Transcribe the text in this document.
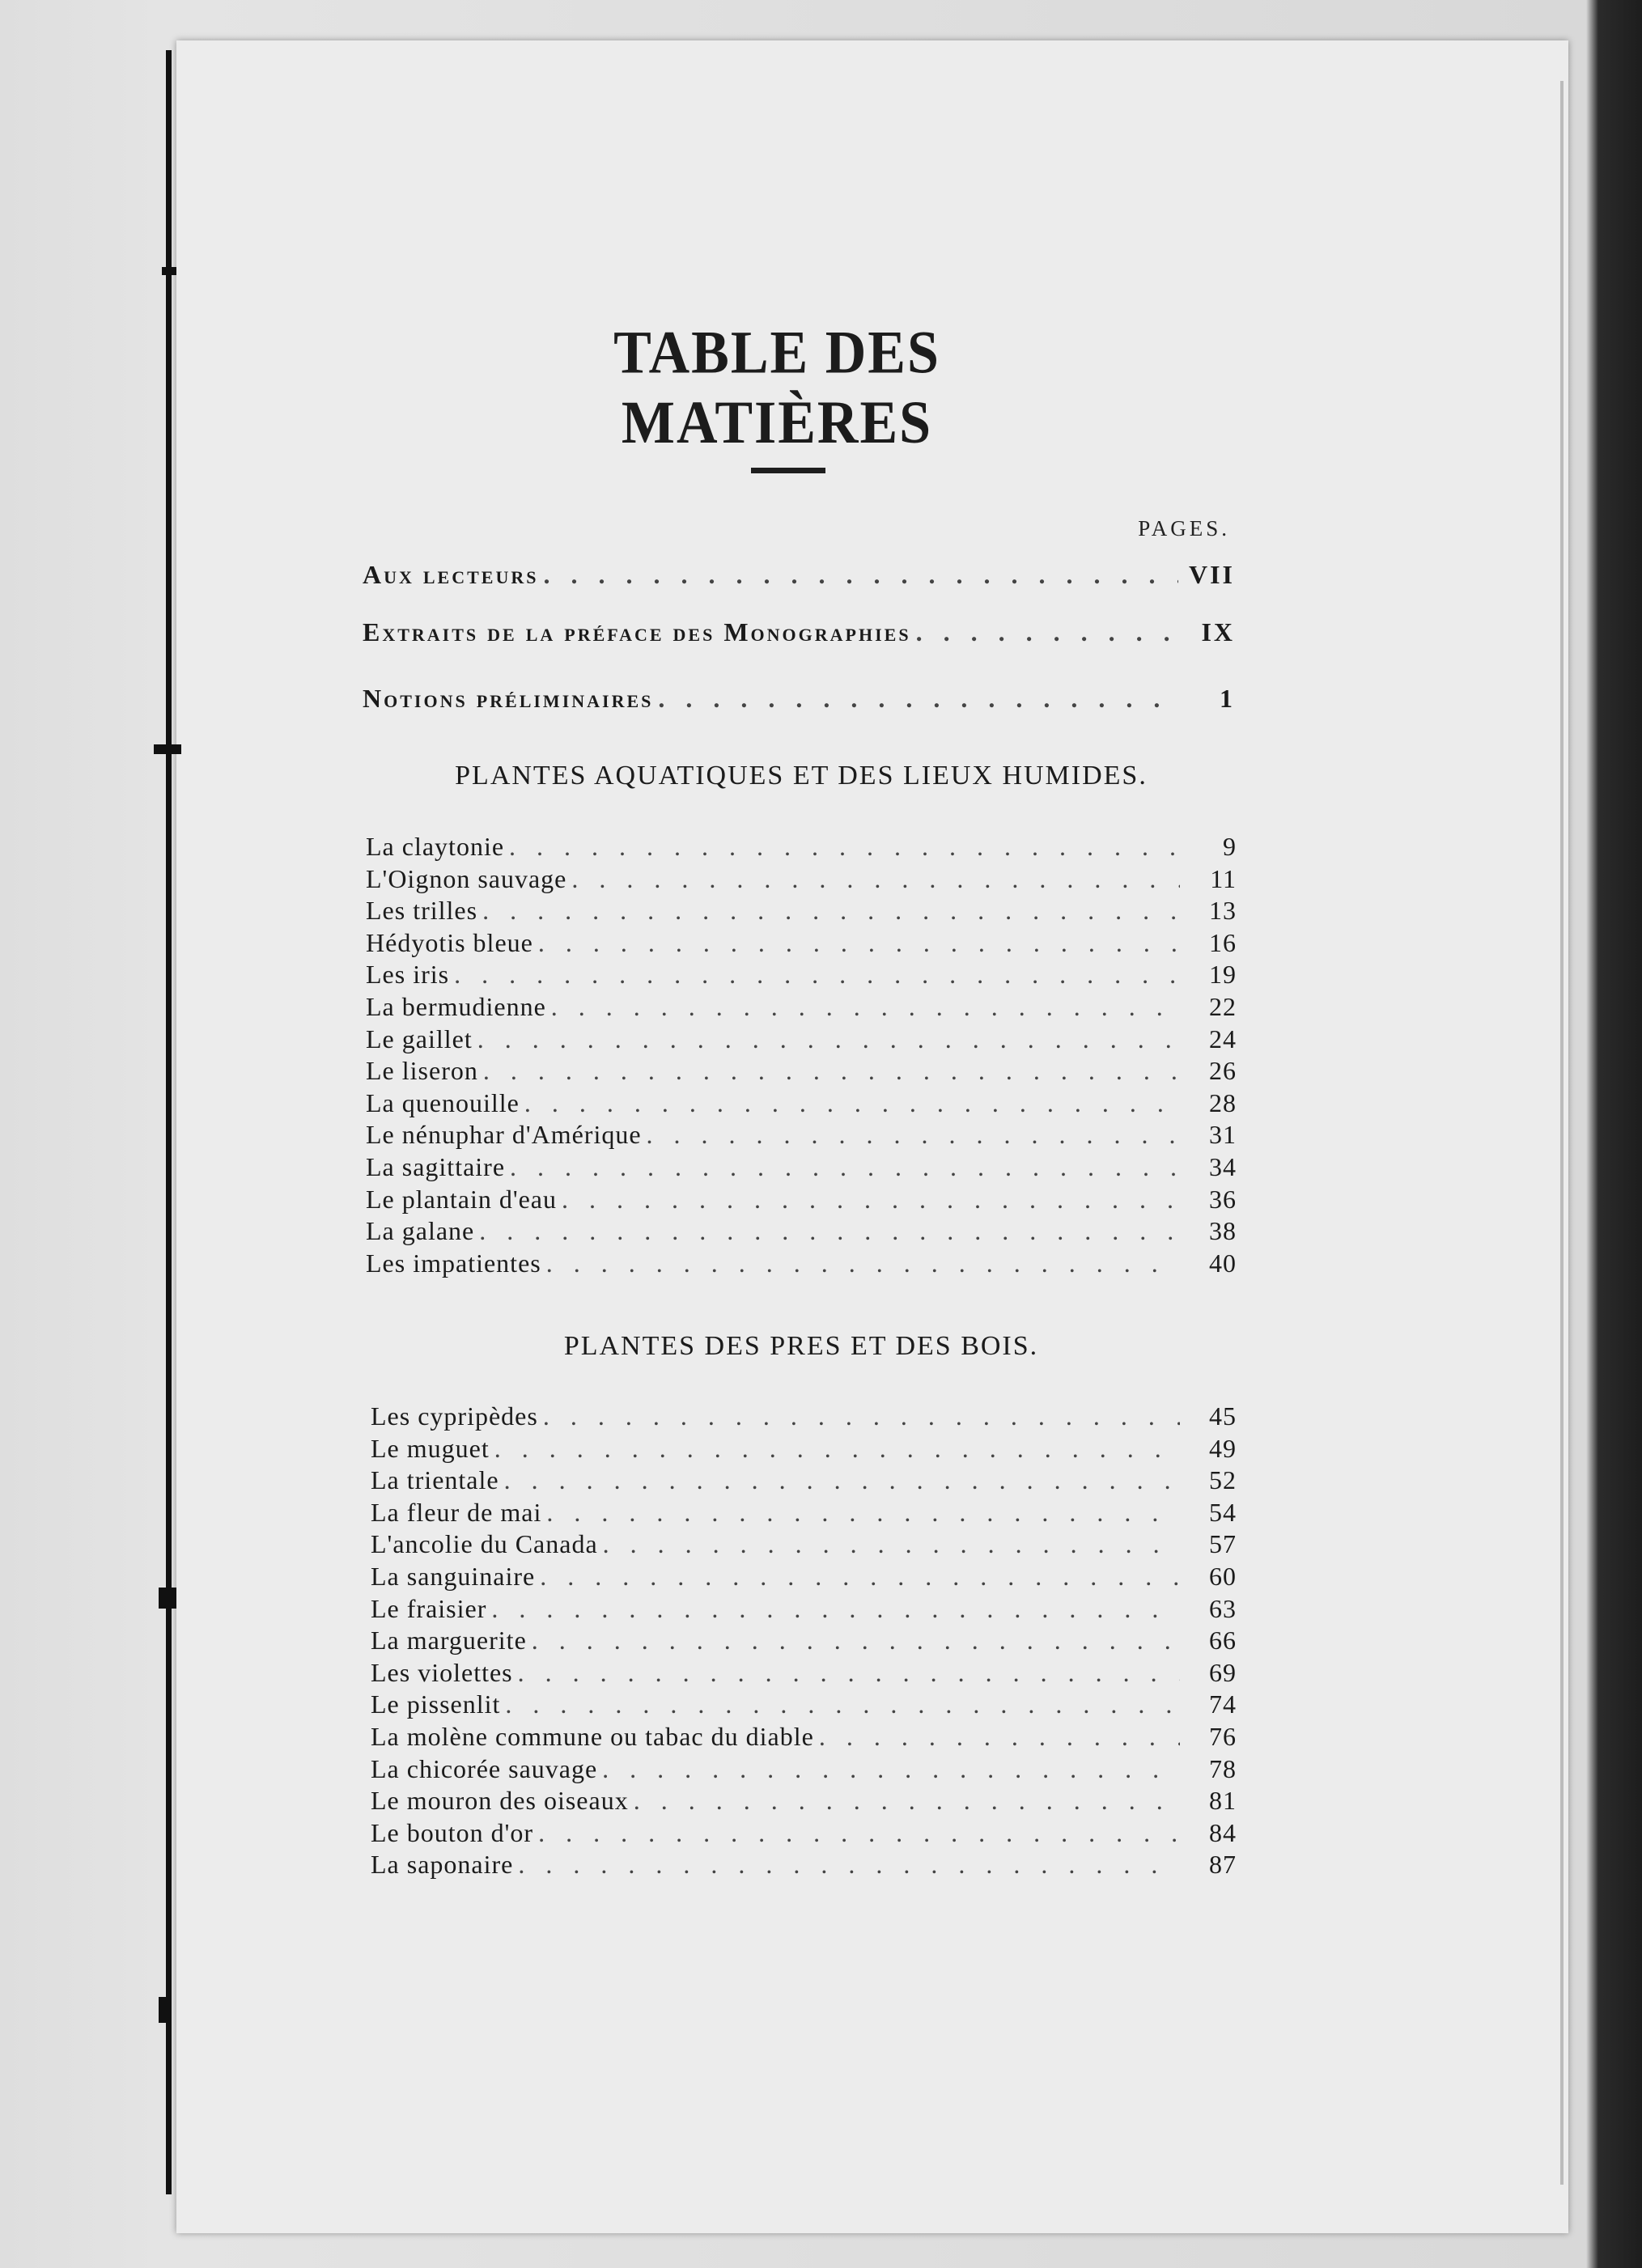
TABLE DES MATIÈRES
PAGES.
Aux lecteurs . . .	VII
Extraits de la préface des Monographies . . .	IX
Notions préliminaires . . .	1
PLANTES AQUATIQUES ET DES LIEUX HUMIDES.
La claytonie . . .	9
L'Oignon sauvage . . .	11
Les trilles . . .	13
Hédyotis bleue . . .	16
Les iris . . .	19
La bermudienne . . .	22
Le gaillet . . .	24
Le liseron . . .	26
La quenouille . . .	28
Le nénuphar d'Amérique . . .	31
La sagittaire . . .	34
Le plantain d'eau . . .	36
La galane . . .	38
Les impatientes . . .	40
PLANTES DES PRES ET DES BOIS.
Les cypripèdes . . .	45
Le muguet . . .	49
La trientale . . .	52
La fleur de mai . . .	54
L'ancolie du Canada . . .	57
La sanguinaire . . .	60
Le fraisier . . .	63
La marguerite . . .	66
Les violettes . . .	69
Le pissenlit . . .	74
La molène commune ou tabac du diable . . .	76
La chicorée sauvage . . .	78
Le mouron des oiseaux . . .	81
Le bouton d'or . . .	84
La saponaire . . .	87
